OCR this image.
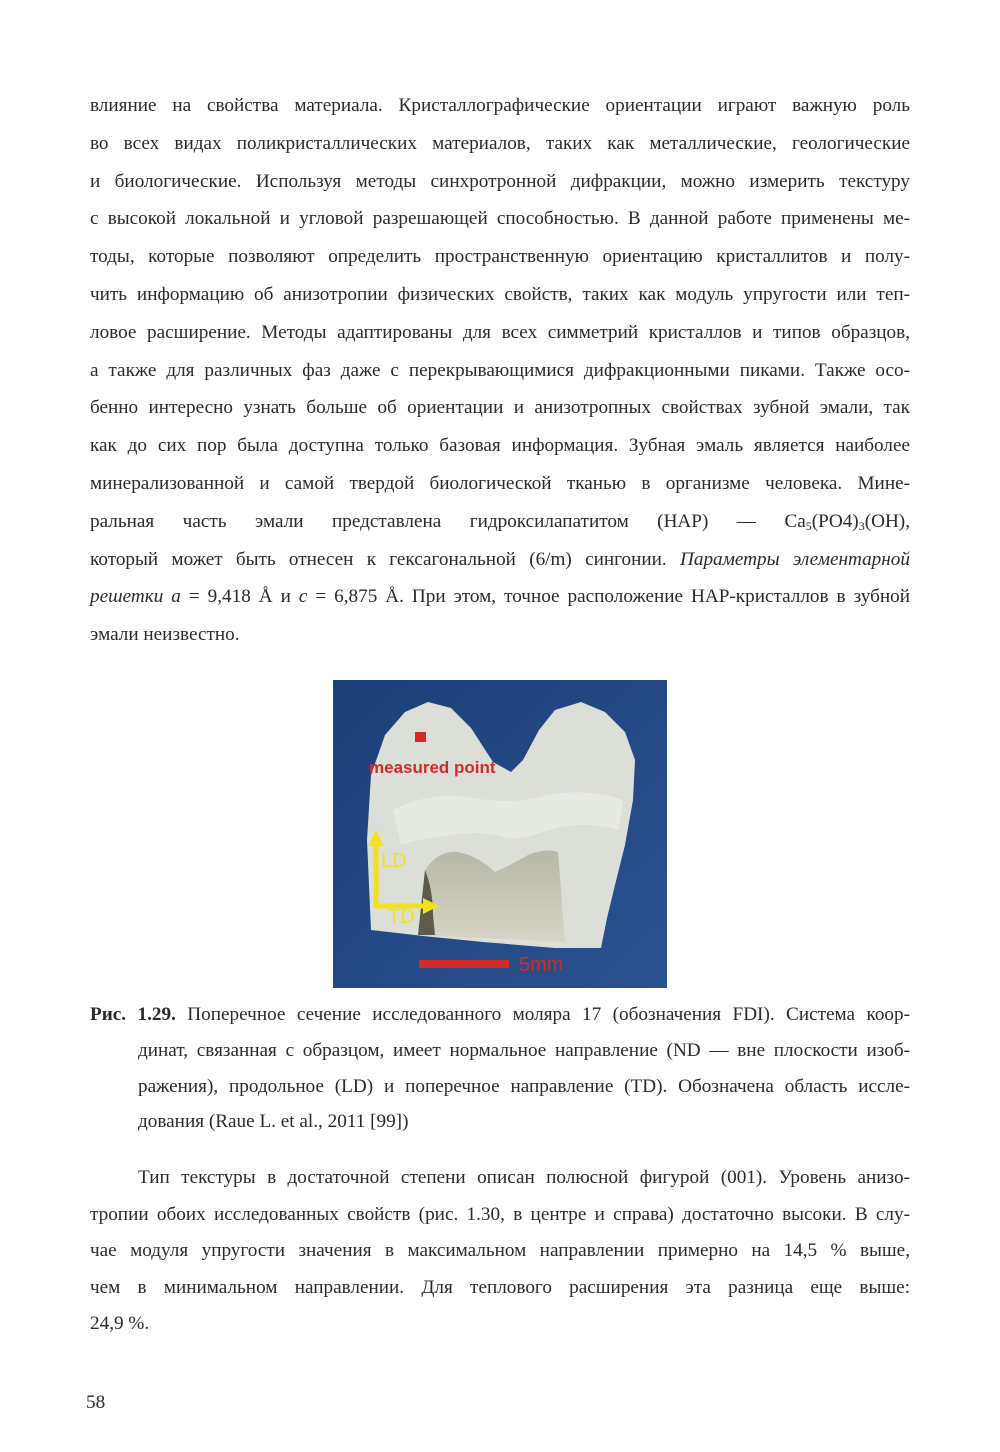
влияние на свойства материала. Кристаллографические ориентации играют важную роль
во всех видах поликристаллических материалов, таких как металлические, геологические
и биологические. Используя методы синхротронной дифракции, можно измерить текстуру
с высокой локальной и угловой разрешающей способностью. В данной работе применены ме-
тоды, которые позволяют определить пространственную ориентацию кристаллитов и полу-
чить информацию об анизотропии физических свойств, таких как модуль упругости или теп-
ловое расширение. Методы адаптированы для всех симметрий кристаллов и типов образцов,
а также для различных фаз даже с перекрывающимися дифракционными пиками. Также осо-
бенно интересно узнать больше об ориентации и анизотропных свойствах зубной эмали, так
как до сих пор была доступна только базовая информация. Зубная эмаль является наиболее
минерализованной и самой твердой биологической тканью в организме человека. Мине-
ральная часть эмали представлена гидроксилапатитом (HAP) — $Ca_5(PO4)_3(OH)$,
который может быть отнесен к гексагональной (6/m) сингонии. Параметры элементарной
решетки a = 9,418 Å и c = 6,875 Å. При этом, точное расположение HAP-кристаллов в зубной
эмали неизвестно.
measured point
LD
TD
5mm
Рис. 1.29. Поперечное сечение исследованного моляра 17 (обозначения FDI). Система коор-
динат, связанная с образцом, имеет нормальное направление (ND — вне плоскости изоб-
ражения), продольное (LD) и поперечное направление (TD). Обозначена область иссле-
дования (Raue L. et al., 2011 [99])
Тип текстуры в достаточной степени описан полюсной фигурой (001). Уровень анизо-
тропии обоих исследованных свойств (рис. 1.30, в центре и справа) достаточно высоки. В слу-
чае модуля упругости значения в максимальном направлении примерно на 14,5 % выше,
чем в минимальном направлении. Для теплового расширения эта разница еще выше:
24,9 %.
58
